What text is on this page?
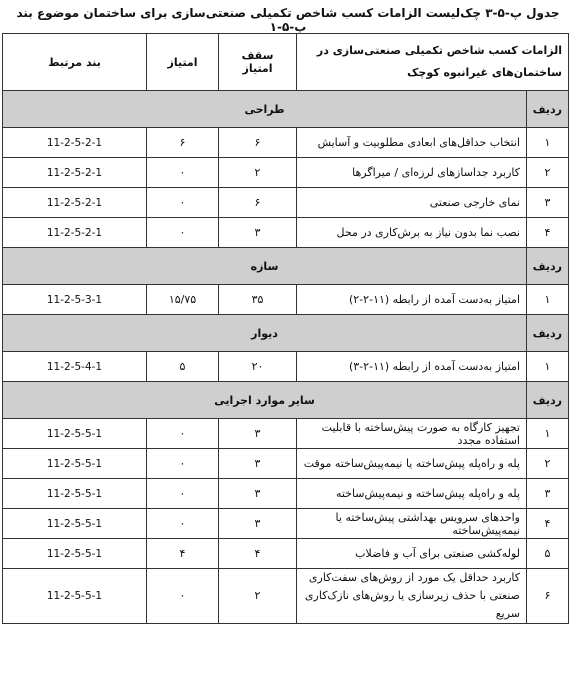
جدول پ-۵-۳ چک‌لیست الزامات کسب شاخص تکمیلی صنعتی‌سازی برای ساختمان موضوع بند پ-۵-۱
الزامات کسب شاخص تکمیلی صنعتی‌سازی در ساختمان‌های غیرانبوه کوچک		سقف امتیاز	امتیاز	بند مرتبط
ردیف	طراحی			
۱	انتخاب حداقل‌های ابعادی مطلوبیت و آسایش	۶	۶	11-2-5-2-1
۲	کاربرد جداسازهای لرزه‌ای / میراگرها	۲	۰	11-2-5-2-1
۳	نمای خارجی صنعتی	۶	۰	11-2-5-2-1
۴	نصب نما بدون نیاز به برش‌کاری در محل	۳	۰	11-2-5-2-1
ردیف	سازه			
۱	امتیاز به‌دست آمده از رابطه (۱۱-۲-۲)	۳۵	۱۵/۷۵	11-2-5-3-1
ردیف	دیوار			
۱	امتیاز به‌دست آمده از رابطه (۱۱-۲-۳)	۲۰	۵	11-2-5-4-1
ردیف	سایر موارد اجرایی			
۱	تجهیز کارگاه به صورت پیش‌ساخته با قابلیت استفاده مجدد	۳	۰	11-2-5-5-1
۲	پله و راه‌پله پیش‌ساخته یا نیمه‌پیش‌ساخته موقت	۳	۰	11-2-5-5-1
۳	پله و راه‌پله پیش‌ساخته و نیمه‌پیش‌ساخته	۳	۰	11-2-5-5-1
۴	واحدهای سرویس بهداشتی پیش‌ساخته یا نیمه‌پیش‌ساخته	۳	۰	11-2-5-5-1
۵	لوله‌کشی صنعتی برای آب و فاضلاب	۴	۴	11-2-5-5-1
۶	کاربرد حداقل یک مورد از روش‌های سفت‌کاری صنعتی با حذف زیرسازی یا روش‌های نازک‌کاری سریع	۲	۰	11-2-5-5-1
